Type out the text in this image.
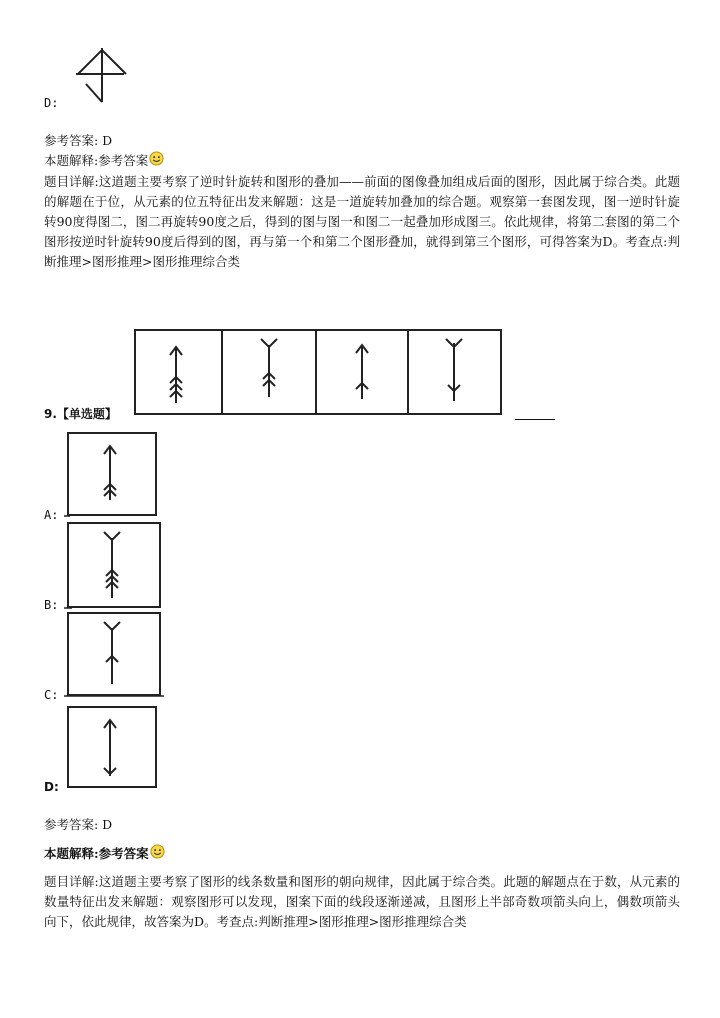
D:
参考答案: D
本题解释:参考答案
题目详解:这道题主要考察了逆时针旋转和图形的叠加——前面的图像叠加组成后面的图形，因此属于综合类。此题的解题在于位，从元素的位五特征出发来解题：这是一道旋转加叠加的综合题。观察第一套图发现，图一逆时针旋转90度得图二，图二再旋转90度之后，得到的图与图一和图二一起叠加形成图三。依此规律，将第二套图的第二个图形按逆时针旋转90度后得到的图，再与第一个和第二个图形叠加，就得到第三个图形，可得答案为D。考查点:判断推理>图形推理>图形推理综合类
9.【单选题】
A:
B:
C:
D:
参考答案: D
本题解释:参考答案
题目详解:这道题主要考察了图形的线条数量和图形的朝向规律，因此属于综合类。此题的解题点在于数，从元素的数量特征出发来解题：观察图形可以发现，图案下面的线段逐渐递减，且图形上半部奇数项箭头向上，偶数项箭头向下，依此规律，故答案为D。考查点:判断推理>图形推理>图形推理综合类
